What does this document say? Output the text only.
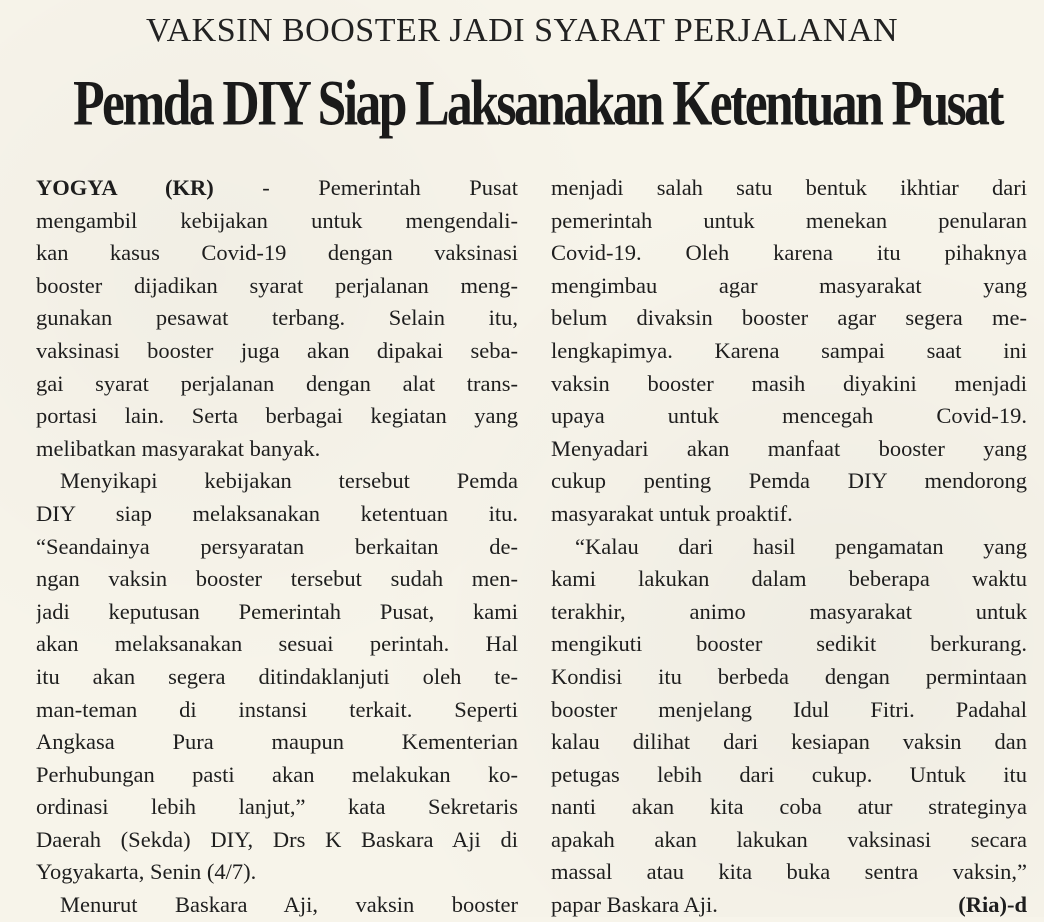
VAKSIN BOOSTER JADI SYARAT PERJALANAN
Pemda DIY Siap Laksanakan Ketentuan Pusat
YOGYA (KR) - Pemerintah Pusat
mengambil kebijakan untuk mengendali-
kan kasus Covid-19 dengan vaksinasi
booster dijadikan syarat perjalanan meng-
gunakan pesawat terbang. Selain itu,
vaksinasi booster juga akan dipakai seba-
gai syarat perjalanan dengan alat trans-
portasi lain. Serta berbagai kegiatan yang
melibatkan masyarakat banyak.
Menyikapi kebijakan tersebut Pemda
DIY siap melaksanakan ketentuan itu.
“Seandainya persyaratan berkaitan de-
ngan vaksin booster tersebut sudah men-
jadi keputusan Pemerintah Pusat, kami
akan melaksanakan sesuai perintah. Hal
itu akan segera ditindaklanjuti oleh te-
man-teman di instansi terkait. Seperti
Angkasa Pura maupun Kementerian
Perhubungan pasti akan melakukan ko-
ordinasi lebih lanjut,” kata Sekretaris
Daerah (Sekda) DIY, Drs K Baskara Aji di
Yogyakarta, Senin (4/7).
Menurut Baskara Aji, vaksin booster
menjadi salah satu bentuk ikhtiar dari
pemerintah untuk menekan penularan
Covid-19. Oleh karena itu pihaknya
mengimbau agar masyarakat yang
belum divaksin booster agar segera me-
lengkapimya. Karena sampai saat ini
vaksin booster masih diyakini menjadi
upaya untuk mencegah Covid-19.
Menyadari akan manfaat booster yang
cukup penting Pemda DIY mendorong
masyarakat untuk proaktif.
“Kalau dari hasil pengamatan yang
kami lakukan dalam beberapa waktu
terakhir, animo masyarakat untuk
mengikuti booster sedikit berkurang.
Kondisi itu berbeda dengan permintaan
booster menjelang Idul Fitri. Padahal
kalau dilihat dari kesiapan vaksin dan
petugas lebih dari cukup. Untuk itu
nanti akan kita coba atur strateginya
apakah akan lakukan vaksinasi secara
massal atau kita buka sentra vaksin,”
papar Baskara Aji.	(Ria)-d
